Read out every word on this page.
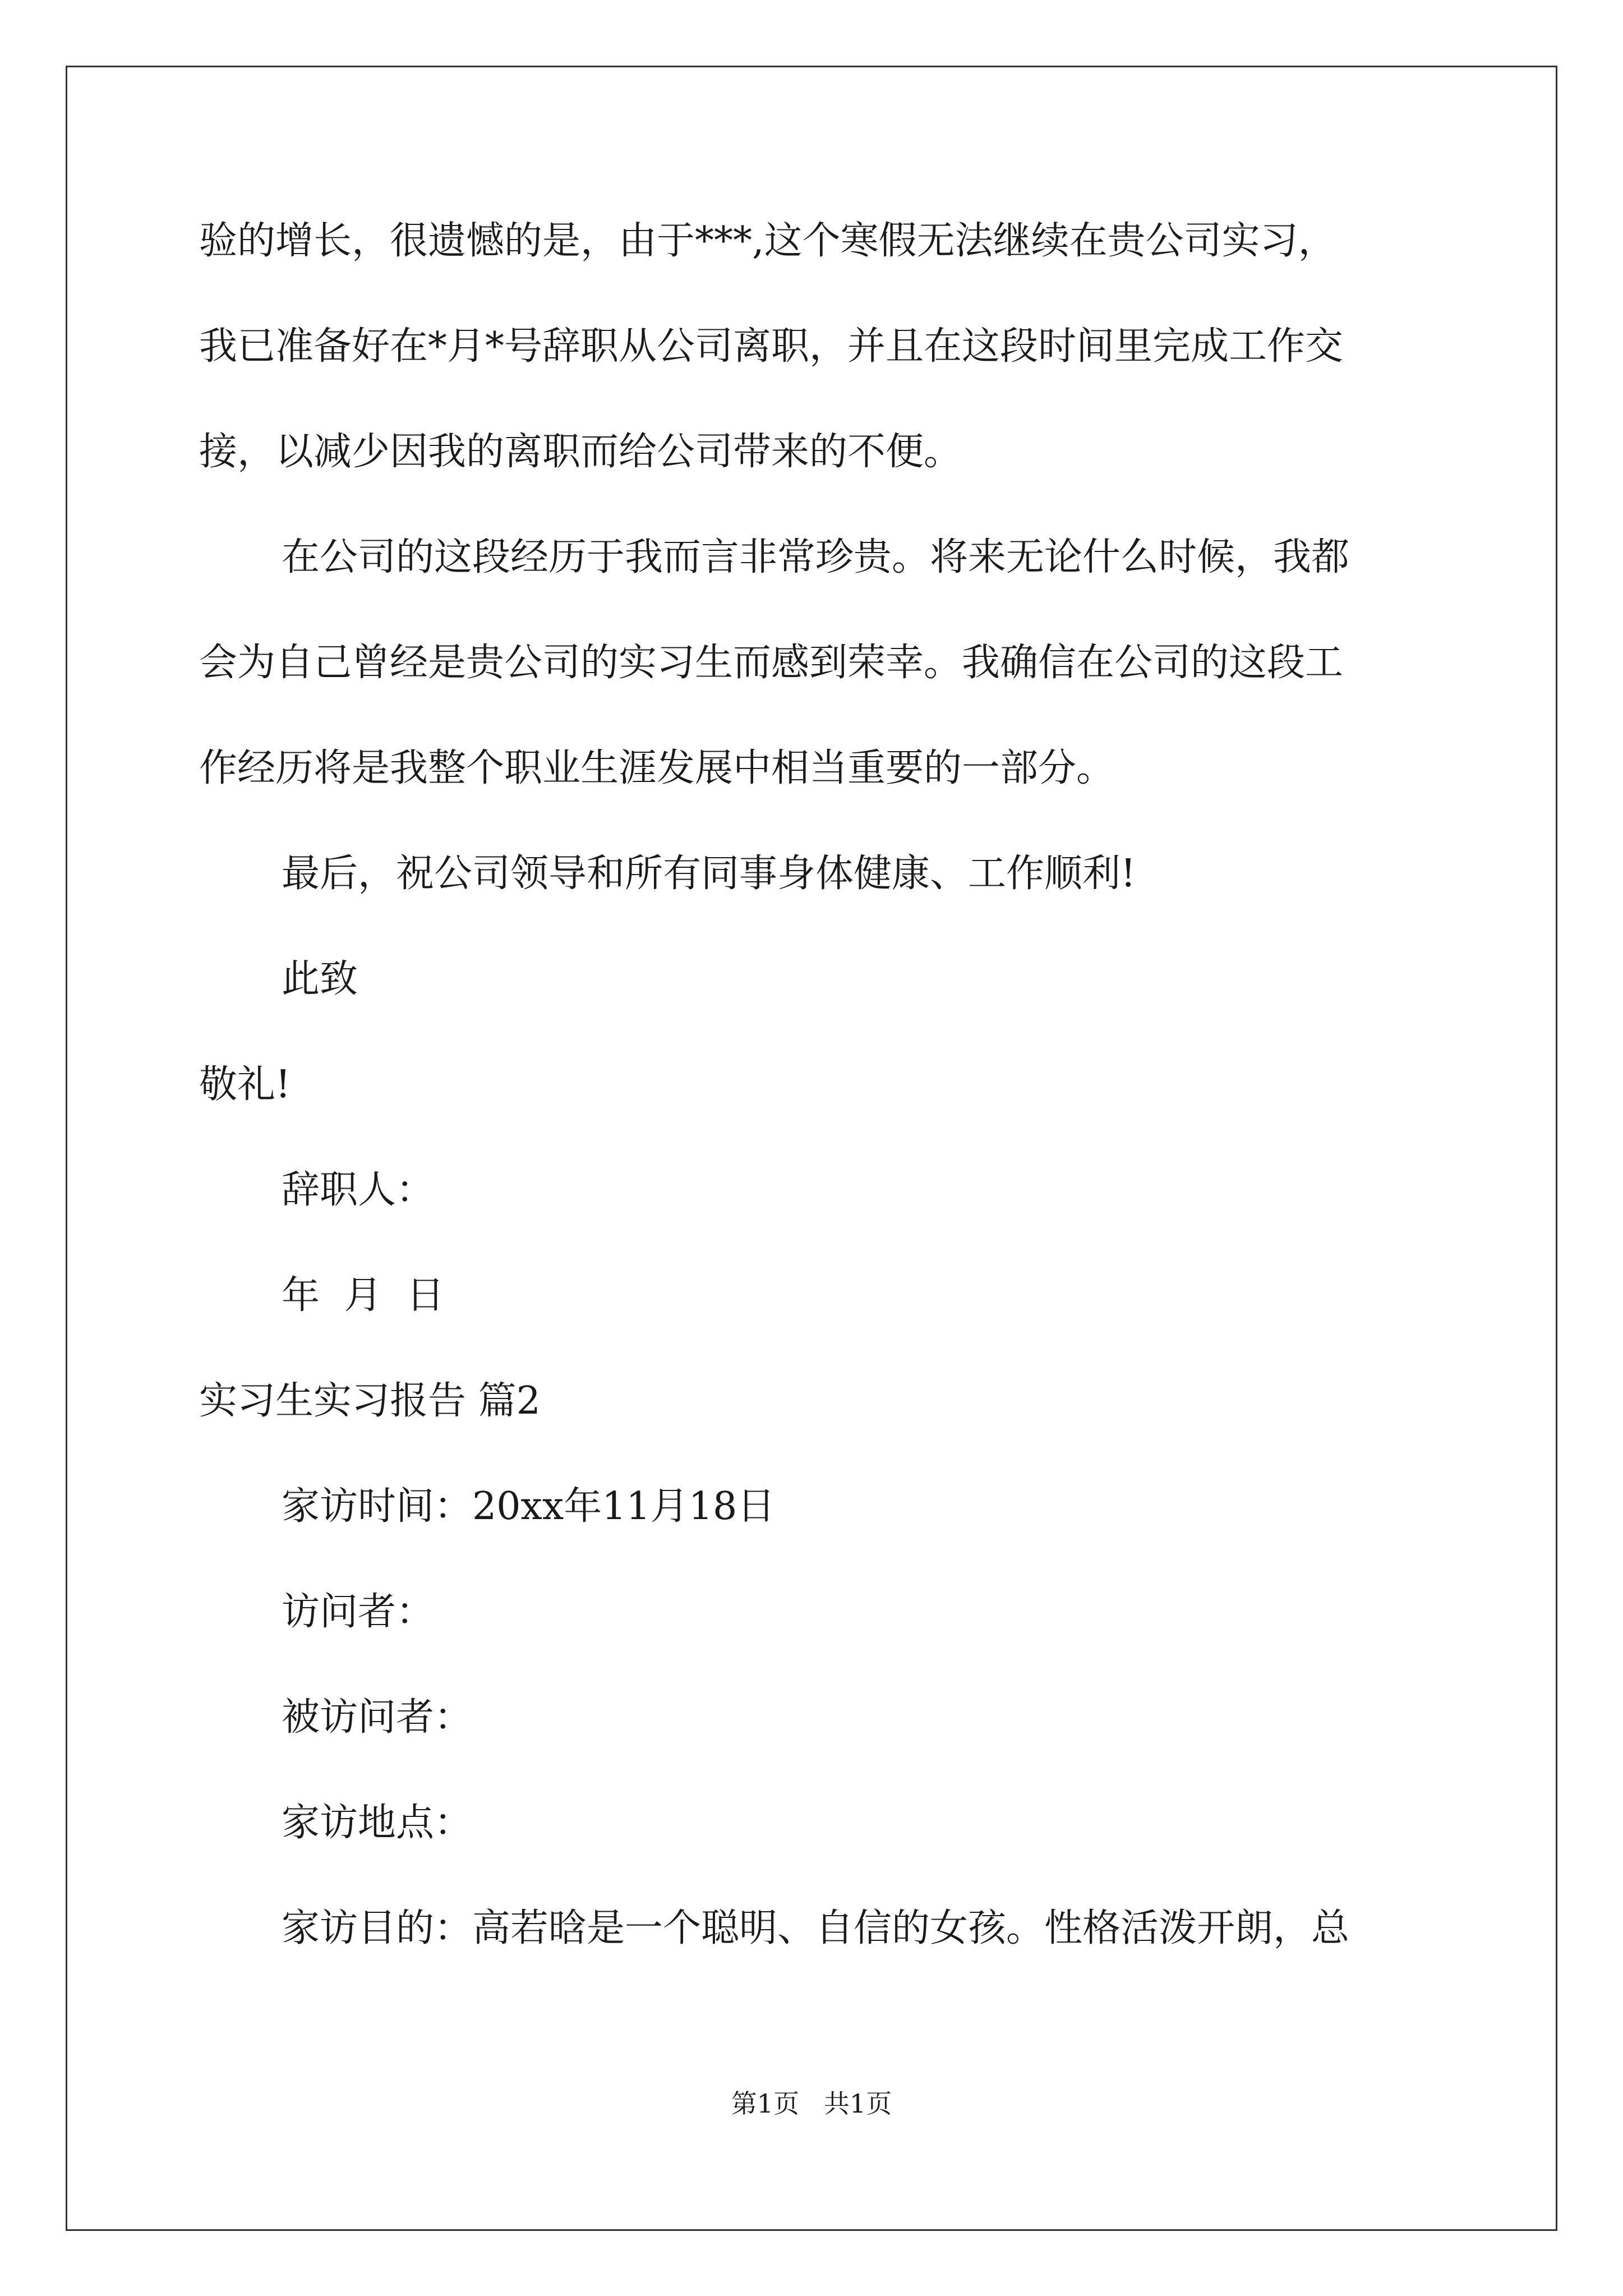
验的增长，很遗憾的是，由于***,这个寒假无法继续在贵公司实习，
我已准备好在*月*号辞职从公司离职，并且在这段时间里完成工作交
接，以减少因我的离职而给公司带来的不便。
在公司的这段经历于我而言非常珍贵。将来无论什么时候，我都
会为自己曾经是贵公司的实习生而感到荣幸。我确信在公司的这段工
作经历将是我整个职业生涯发展中相当重要的一部分。
最后，祝公司领导和所有同事身体健康、工作顺利!
此致
敬礼!
辞职人：
年  月  日
实习生实习报告 篇2
家访时间：20xx年11月18日
访问者：
被访问者：
家访地点：
家访目的：高若晗是一个聪明、自信的女孩。性格活泼开朗，总
第1页   共1页
